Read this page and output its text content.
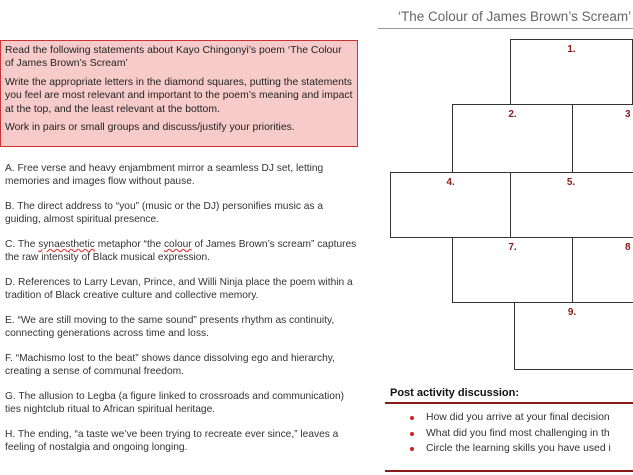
‘The Colour of James Brown’s Scream’

Read the following statements about Kayo Chingonyi’s poem ‘The Colour of James Brown’s Scream’

Write the appropriate letters in the diamond squares, putting the statements you feel are most relevant and important to the poem’s meaning and impact at the top, and the least relevant at the bottom.

Work in pairs or small groups and discuss/justify your priorities.

A. Free verse and heavy enjambment mirror a seamless DJ set, letting memories and images flow without pause.

B. The direct address to “you” (music or the DJ) personifies music as a guiding, almost spiritual presence.

C. The synaesthetic metaphor “the colour of James Brown’s scream” captures the raw intensity of Black musical expression.

D. References to Larry Levan, Prince, and Willi Ninja place the poem within a tradition of Black creative culture and collective memory.

E. “We are still moving to the same sound” presents rhythm as continuity, connecting generations across time and loss.

F. “Machismo lost to the beat” shows dance dissolving ego and hierarchy, creating a sense of communal freedom.

G. The allusion to Legba (a figure linked to crossroads and communication) ties nightclub ritual to African spiritual heritage.

H. The ending, “a taste we’ve been trying to recreate ever since,” leaves a feeling of nostalgia and ongoing longing.

1.
2.	3
4.	5.
7.	8
9.
Post activity discussion:
How did you arrive at your final decision
What did you find most challenging in th
Circle the learning skills you have used i
